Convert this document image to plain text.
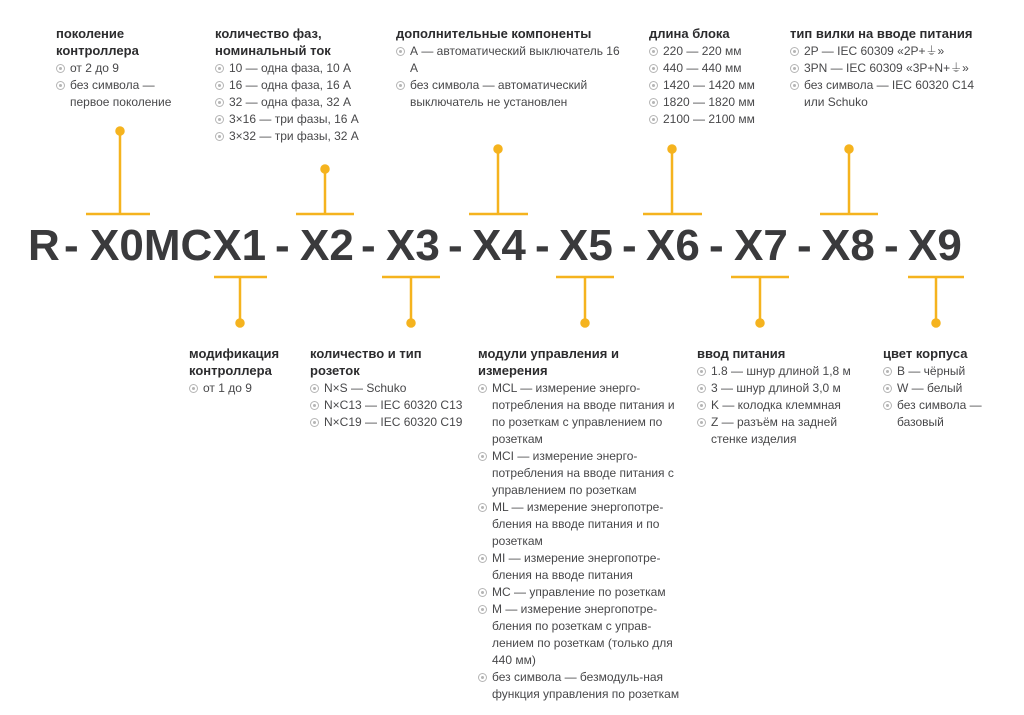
R - X0MCX1 - X2 - X3 - X4 - X5 - X6 - X7 - X8 - X9
поколение контроллера
от 2 до 9
без символа — первое поколение
количество фаз, номинальный ток
10 — одна фаза, 10 А
16 — одна фаза, 16 А
32 — одна фаза, 32 А
3×16 — три фазы, 16 А
3×32 — три фазы, 32 А
дополнительные компоненты
А — автоматический выключатель 16 А
без символа — автоматический выключатель не установлен
длина блока
220 — 220 мм
440 — 440 мм
1420 — 1420 мм
1820 — 1820 мм
2100 — 2100 мм
тип вилки на вводе питания
2P — IEC 60309 «2P+⏚»
3PN — IEC 60309 «3P+N+⏚»
без символа — IEC 60320 C14 или Schuko
модификация контроллера
от 1 до 9
количество и тип розеток
N×S — Schuko
N×C13 — IEC 60320 C13
N×C19 — IEC 60320 C19
модули управления и измерения
MCL — измерение энерго-потребления на вводе питания и по розеткам с управлением по розеткам
MCI — измерение энерго-потребления на вводе питания с управлением по розеткам
ML — измерение энергопотре-бления на вводе питания и по розеткам
MI — измерение энергопотре-бления на вводе питания
MC — управление по розеткам
M — измерение энергопотре-бления по розеткам с управ-лением по розеткам (только для 440 мм)
без символа — безмодуль-ная функция управления по розеткам
ввод питания
1.8 — шнур длиной 1,8 м
3 — шнур длиной 3,0 м
K — колодка клеммная
Z — разъём на задней стенке изделия
цвет корпуса
B — чёрный
W — белый
без символа — базовый
